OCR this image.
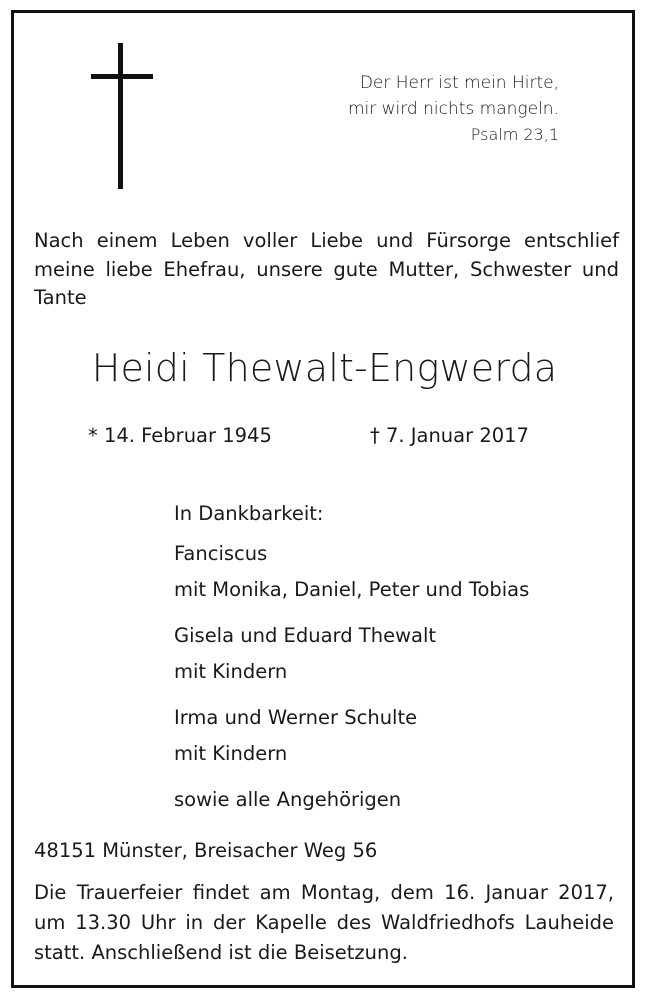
Der Herr ist mein Hirte,
mir wird nichts mangeln.
Psalm 23,1
Nach einem Leben voller Liebe und Fürsorge entschlief meine liebe Ehefrau, unsere gute Mutter, Schwester und Tante
Heidi Thewalt-Engwerda
* 14. Februar 1945	† 7. Januar 2017
In Dankbarkeit:
Fanciscus
mit Monika, Daniel, Peter und Tobias
Gisela und Eduard Thewalt
mit Kindern
Irma und Werner Schulte
mit Kindern
sowie alle Angehörigen
48151 Münster, Breisacher Weg 56
Die Trauerfeier findet am Montag, dem 16. Januar 2017, um 13.30 Uhr in der Kapelle des Waldfriedhofs Lauheide statt. Anschließend ist die Beisetzung.
